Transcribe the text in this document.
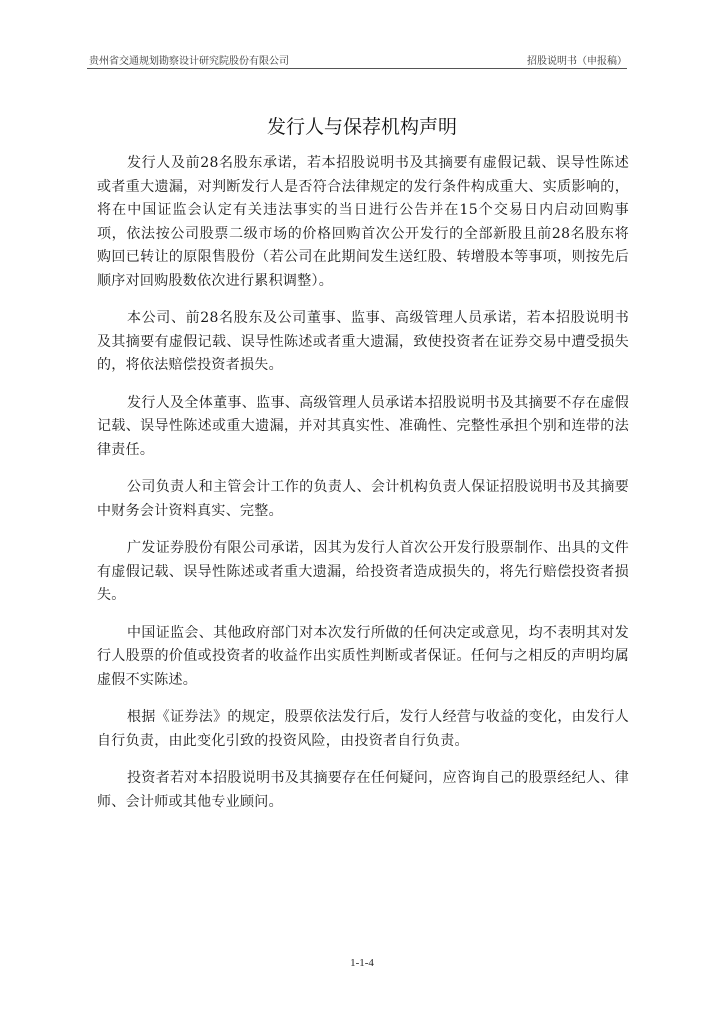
贵州省交通规划勘察设计研究院股份有限公司	招股说明书（申报稿）
发行人与保荐机构声明

发行人及前28名股东承诺，若本招股说明书及其摘要有虚假记载、误导性陈述或者重大遗漏，对判断发行人是否符合法律规定的发行条件构成重大、实质影响的，将在中国证监会认定有关违法事实的当日进行公告并在15个交易日内启动回购事项，依法按公司股票二级市场的价格回购首次公开发行的全部新股且前28名股东将购回已转让的原限售股份（若公司在此期间发生送红股、转增股本等事项，则按先后顺序对回购股数依次进行累积调整）。

本公司、前28名股东及公司董事、监事、高级管理人员承诺，若本招股说明书及其摘要有虚假记载、误导性陈述或者重大遗漏，致使投资者在证券交易中遭受损失的，将依法赔偿投资者损失。

发行人及全体董事、监事、高级管理人员承诺本招股说明书及其摘要不存在虚假记载、误导性陈述或重大遗漏，并对其真实性、准确性、完整性承担个别和连带的法律责任。

公司负责人和主管会计工作的负责人、会计机构负责人保证招股说明书及其摘要中财务会计资料真实、完整。

广发证券股份有限公司承诺，因其为发行人首次公开发行股票制作、出具的文件有虚假记载、误导性陈述或者重大遗漏，给投资者造成损失的，将先行赔偿投资者损失。

中国证监会、其他政府部门对本次发行所做的任何决定或意见，均不表明其对发行人股票的价值或投资者的收益作出实质性判断或者保证。任何与之相反的声明均属虚假不实陈述。

根据《证券法》的规定，股票依法发行后，发行人经营与收益的变化，由发行人自行负责，由此变化引致的投资风险，由投资者自行负责。

投资者若对本招股说明书及其摘要存在任何疑问，应咨询自己的股票经纪人、律师、会计师或其他专业顾问。

1-1-4
